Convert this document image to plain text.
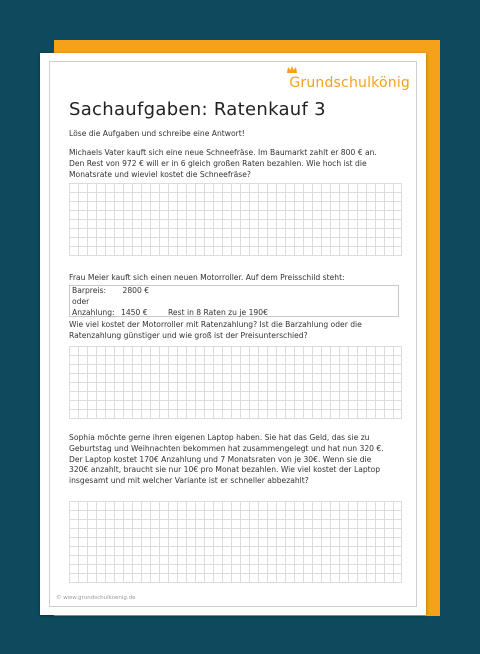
Grundschulkönig
Sachaufgaben: Ratenkauf 3
Löse die Aufgaben und schreibe eine Antwort!
Michaels Vater kauft sich eine neue Schneefräse. Im Baumarkt zahlt er 800 € an.
Den Rest von 972 € will er in 6 gleich großen Raten bezahlen. Wie hoch ist die
Monatsrate und wieviel kostet die Schneefräse?
Frau Meier kauft sich einen neuen Motorroller. Auf dem Preisschild steht:
Barpreis: 2800 €
oder
Anzahlung: 1450 €	Rest in 8 Raten zu je 190€
Wie viel kostet der Motorroller mit Ratenzahlung? Ist die Barzahlung oder die
Ratenzahlung günstiger und wie groß ist der Preisunterschied?
Sophia möchte gerne ihren eigenen Laptop haben. Sie hat das Geld, das sie zu
Geburtstag und Weihnachten bekommen hat zusammengelegt und hat nun 320 €.
Der Laptop kostet 170€ Anzahlung und 7 Monatsraten von je 30€. Wenn sie die
320€ anzahlt, braucht sie nur 10€ pro Monat bezahlen. Wie viel kostet der Laptop
insgesamt und mit welcher Variante ist er schneller abbezahlt?
© www.grundschulkoenig.de
